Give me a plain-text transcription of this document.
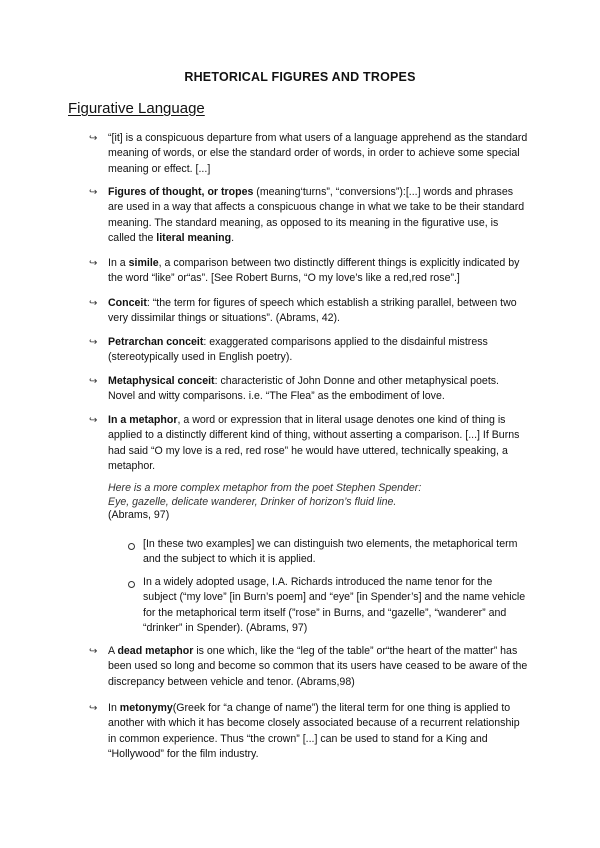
RHETORICAL FIGURES AND TROPES
Figurative Language
↪ “[it] is a conspicuous departure from what users of a language apprehend as the standard meaning of words, or else the standard order of words, in order to achieve some special meaning or effect. [...]
↪ Figures of thought, or tropes (meaning‘turns”, “conversions”):[...] words and phrases are used in a way that affects a conspicuous change in what we take to be their standard meaning. The standard meaning, as opposed to its meaning in the figurative use, is called the literal meaning.
↪ In a simile, a comparison between two distinctly different things is explicitly indicated by the word “like” or“as”. [See Robert Burns, “O my love’s like a red,red rose”.]
↪ Conceit: “the term for figures of speech which establish a striking parallel, between two very dissimilar things or situations”. (Abrams, 42).
↪ Petrarchan conceit: exaggerated comparisons applied to the disdainful mistress (stereotypically used in English poetry).
↪ Metaphysical conceit: characteristic of John Donne and other metaphysical poets. Novel and witty comparisons. i.e. “The Flea” as the embodiment of love.
↪ In a metaphor, a word or expression that in literal usage denotes one kind of thing is applied to a distinctly different kind of thing, without asserting a comparison. [...] If Burns had said “O my love is a red, red rose” he would have uttered, technically speaking, a metaphor.
Here is a more complex metaphor from the poet Stephen Spender:
Eye, gazelle, delicate wanderer, Drinker of horizon’s fluid line.
(Abrams, 97)
[In these two examples] we can distinguish two elements, the metaphorical term and the subject to which it is applied.
In a widely adopted usage, I.A. Richards introduced the name tenor for the subject (“my love” [in Burn’s poem] and “eye” [in Spender’s] and the name vehicle for the metaphorical term itself (”rose” in Burns, and “gazelle”, “wanderer” and “drinker” in Spender). (Abrams, 97)
↪ A dead metaphor is one which, like the “leg of the table” or“the heart of the matter” has been used so long and become so common that its users have ceased to be aware of the discrepancy between vehicle and tenor. (Abrams,98)
↪ In metonymy(Greek for “a change of name”) the literal term for one thing is applied to another with which it has become closely associated because of a recurrent relationship in common experience. Thus “the crown” [...] can be used to stand for a King and “Hollywood” for the film industry.
